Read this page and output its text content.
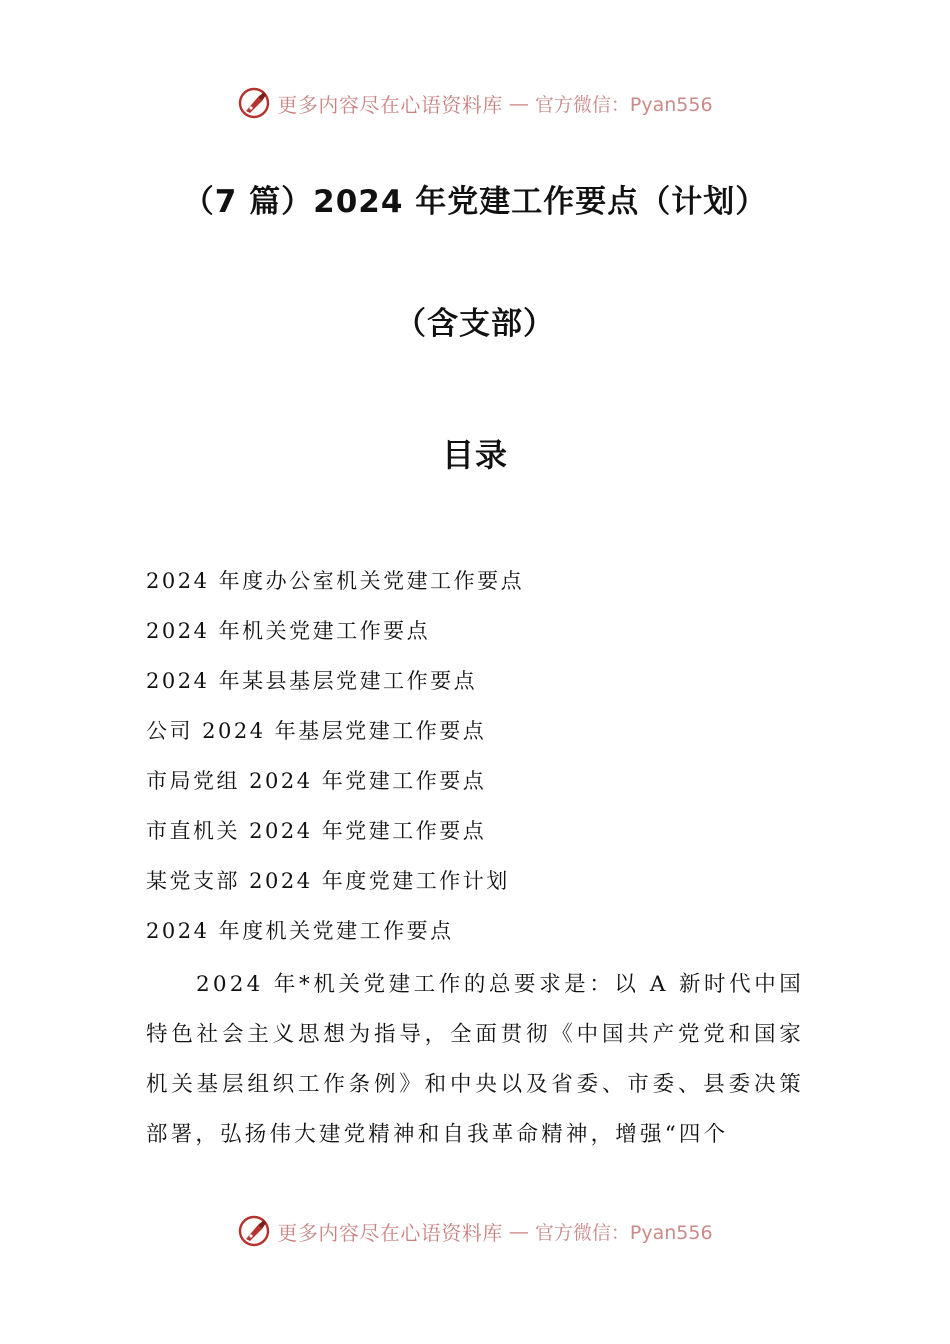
更多内容尽在心语资料库 — 官方微信：Pyan556
（7 篇）2024 年党建工作要点（计划）
（含支部）
目录
2024 年度办公室机关党建工作要点
2024 年机关党建工作要点
2024 年某县基层党建工作要点
公司 2024 年基层党建工作要点
市局党组 2024 年党建工作要点
市直机关 2024 年党建工作要点
某党支部 2024 年度党建工作计划
2024 年度机关党建工作要点

2024 年*机关党建工作的总要求是：以 A 新时代中国特色社会主义思想为指导，全面贯彻《中国共产党党和国家机关基层组织工作条例》和中央以及省委、市委、县委决策部署，弘扬伟大建党精神和自我革命精神，增强“四个

更多内容尽在心语资料库 — 官方微信：Pyan556
